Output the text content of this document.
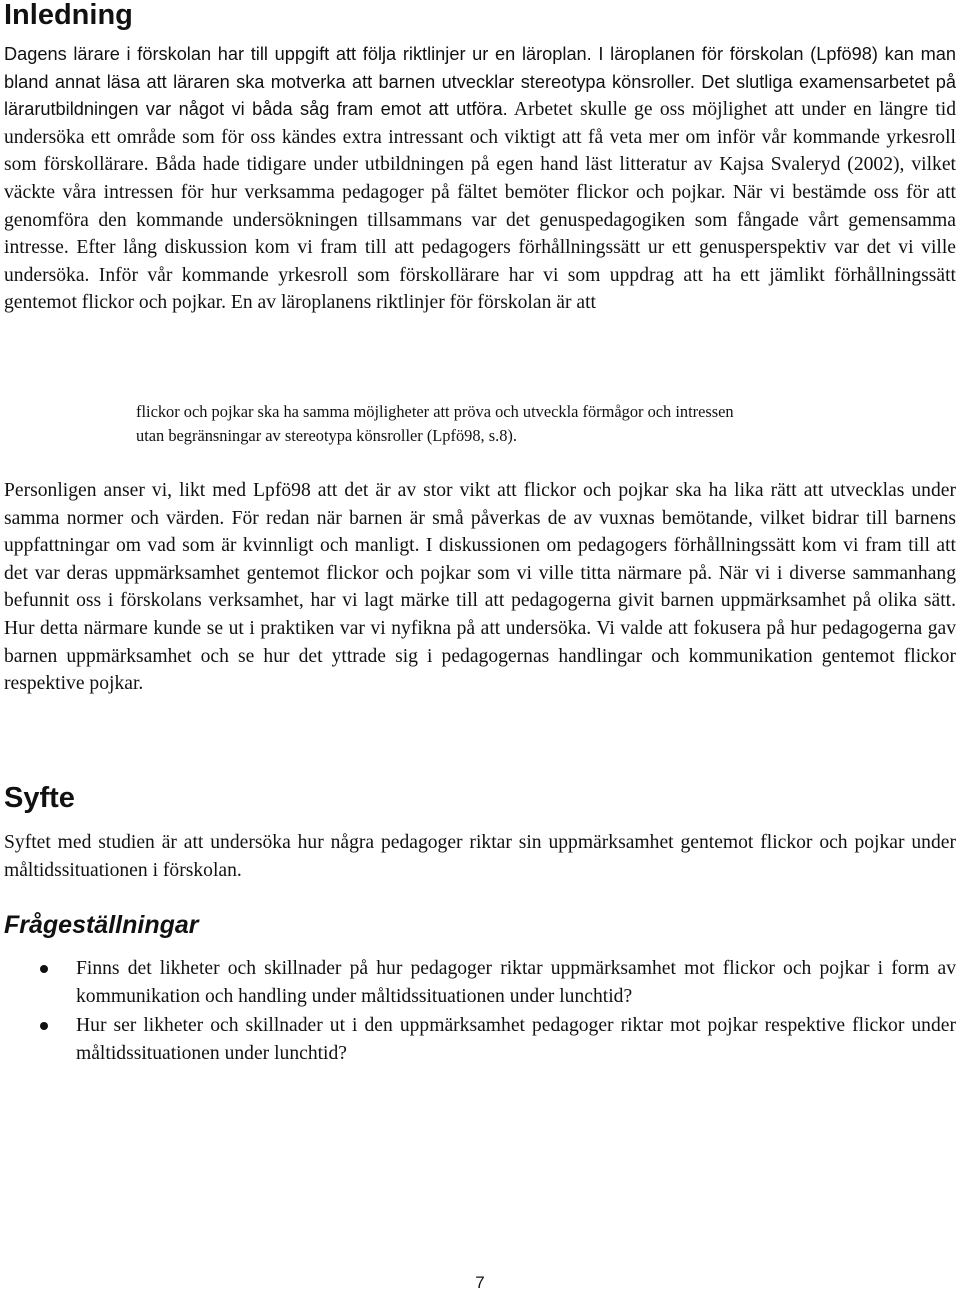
Inledning

Dagens lärare i förskolan har till uppgift att följa riktlinjer ur en läroplan. I läroplanen för förskolan (Lpfö98) kan man bland annat läsa att läraren ska motverka att barnen utvecklar stereotypa könsroller. Det slutliga examensarbetet på lärarutbildningen var något vi båda såg fram emot att utföra. Arbetet skulle ge oss möjlighet att under en längre tid undersöka ett område som för oss kändes extra intressant och viktigt att få veta mer om inför vår kommande yrkesroll som förskollärare. Båda hade tidigare under utbildningen på egen hand läst litteratur av Kajsa Svaleryd (2002), vilket väckte våra intressen för hur verksamma pedagoger på fältet bemöter flickor och pojkar. När vi bestämde oss för att genomföra den kommande undersökningen tillsammans var det genuspedagogiken som fångade vårt gemensamma intresse. Efter lång diskussion kom vi fram till att pedagogers förhållningssätt ur ett genusperspektiv var det vi ville undersöka. Inför vår kommande yrkesroll som förskollärare har vi som uppdrag att ha ett jämlikt förhållningssätt gentemot flickor och pojkar. En av läroplanens riktlinjer för förskolan är att

flickor och pojkar ska ha samma möjligheter att pröva och utveckla förmågor och intressen
utan begränsningar av stereotypa könsroller (Lpfö98, s.8).

Personligen anser vi, likt med Lpfö98 att det är av stor vikt att flickor och pojkar ska ha lika rätt att utvecklas under samma normer och värden. För redan när barnen är små påverkas de av vuxnas bemötande, vilket bidrar till barnens uppfattningar om vad som är kvinnligt och manligt. I diskussionen om pedagogers förhållningssätt kom vi fram till att det var deras uppmärksamhet gentemot flickor och pojkar som vi ville titta närmare på. När vi i diverse sammanhang befunnit oss i förskolans verksamhet, har vi lagt märke till att pedagogerna givit barnen uppmärksamhet på olika sätt. Hur detta närmare kunde se ut i praktiken var vi nyfikna på att undersöka. Vi valde att fokusera på hur pedagogerna gav barnen uppmärksamhet och se hur det yttrade sig i pedagogernas handlingar och kommunikation gentemot flickor respektive pojkar.

Syfte

Syftet med studien är att undersöka hur några pedagoger riktar sin uppmärksamhet gentemot flickor och pojkar under måltidssituationen i förskolan.

Frågeställningar
Finns det likheter och skillnader på hur pedagoger riktar uppmärksamhet mot flickor och pojkar i form av kommunikation och handling under måltidssituationen under lunchtid?
Hur ser likheter och skillnader ut i den uppmärksamhet pedagoger riktar mot pojkar respektive flickor under måltidssituationen under lunchtid?
7
